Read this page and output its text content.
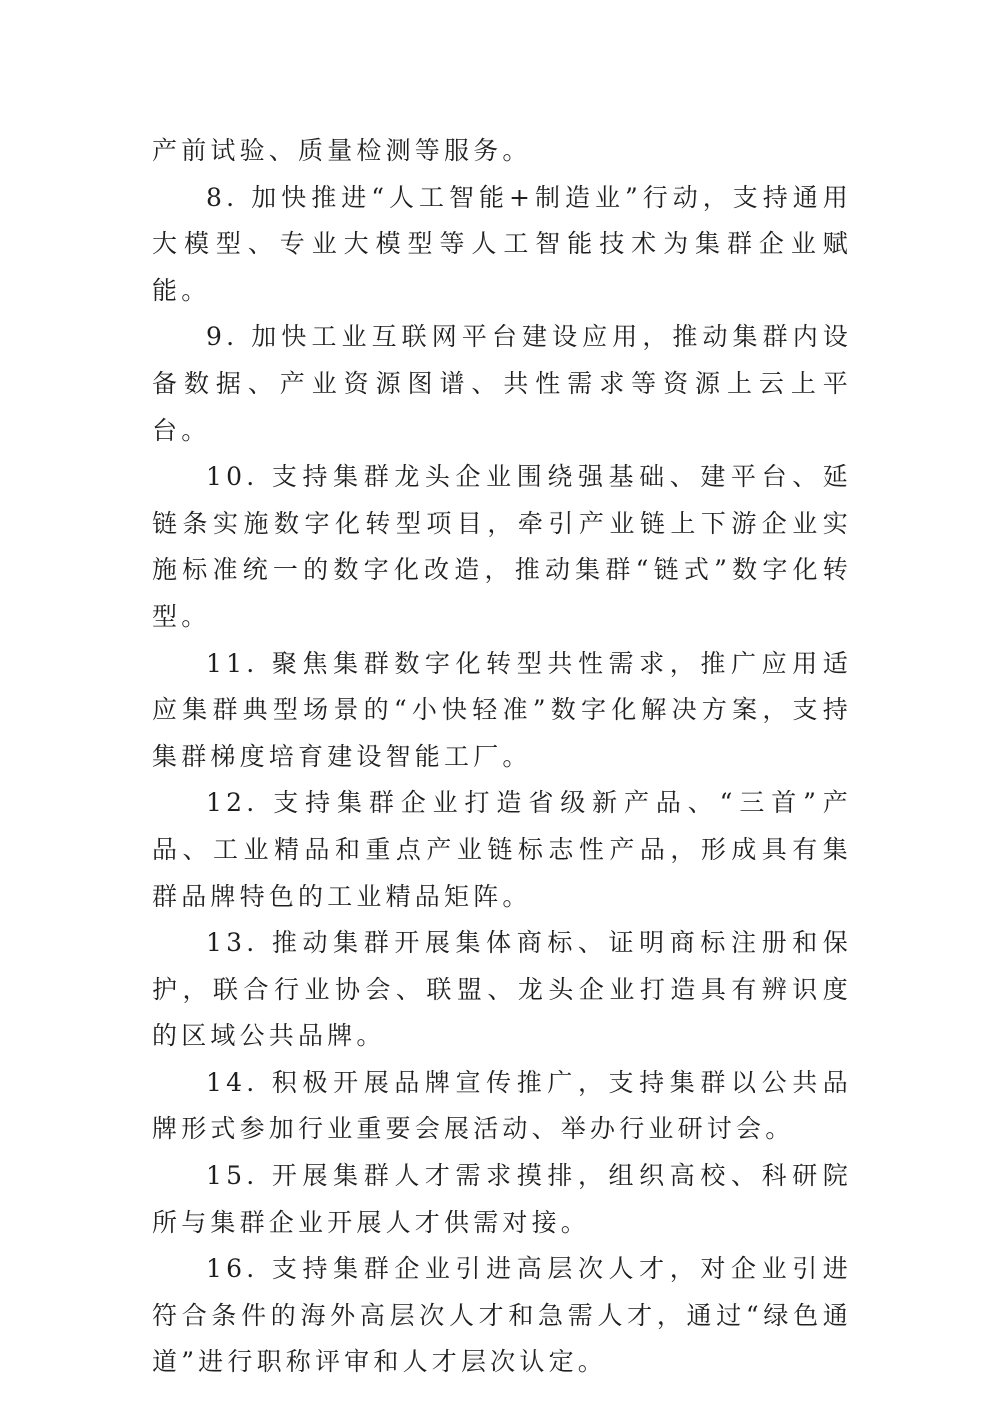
产前试验、质量检测等服务。

8. 加快推进“人工智能+制造业”行动，支持通用大模型、专业大模型等人工智能技术为集群企业赋能。

9. 加快工业互联网平台建设应用，推动集群内设备数据、产业资源图谱、共性需求等资源上云上平台。

10. 支持集群龙头企业围绕强基础、建平台、延链条实施数字化转型项目，牵引产业链上下游企业实施标准统一的数字化改造，推动集群“链式”数字化转型。

11. 聚焦集群数字化转型共性需求，推广应用适应集群典型场景的“小快轻准”数字化解决方案，支持集群梯度培育建设智能工厂。

12. 支持集群企业打造省级新产品、“三首”产品、工业精品和重点产业链标志性产品，形成具有集群品牌特色的工业精品矩阵。

13. 推动集群开展集体商标、证明商标注册和保护，联合行业协会、联盟、龙头企业打造具有辨识度的区域公共品牌。

14. 积极开展品牌宣传推广，支持集群以公共品牌形式参加行业重要会展活动、举办行业研讨会。

15. 开展集群人才需求摸排，组织高校、科研院所与集群企业开展人才供需对接。

16. 支持集群企业引进高层次人才，对企业引进符合条件的海外高层次人才和急需人才，通过“绿色通道”进行职称评审和人才层次认定。
